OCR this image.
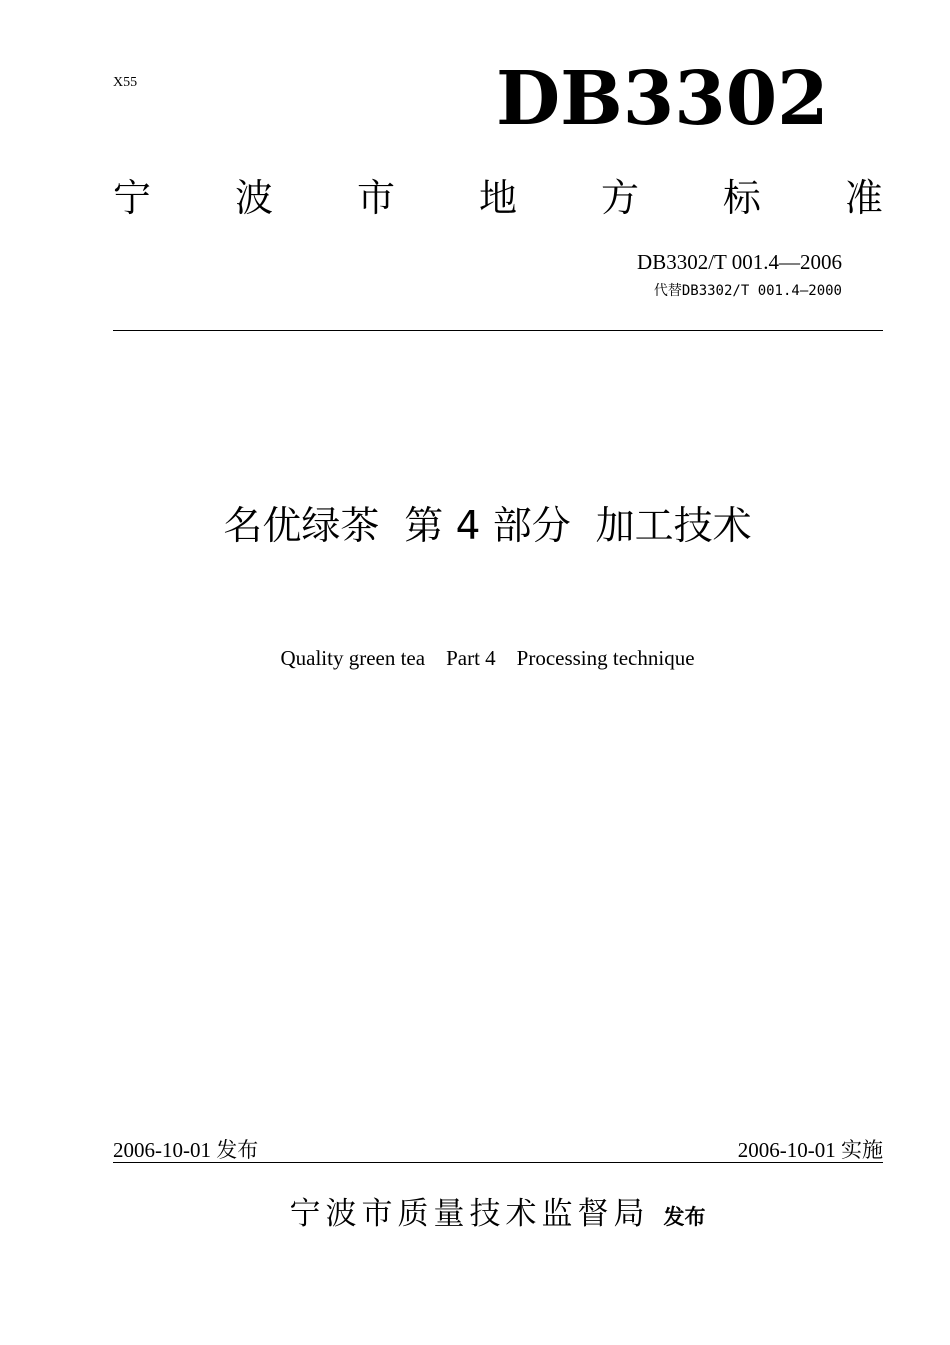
X55	DB3302
宁 波 市 地 方 标 准
DB3302/T 001.4—2006
代替DB3302/T 001.4—2000
名优绿茶 第 4 部分 加工技术
Quality green tea    Part 4    Processing technique
2006-10-01 发布	2006-10-01 实施
宁波市质量技术监督局 发布
